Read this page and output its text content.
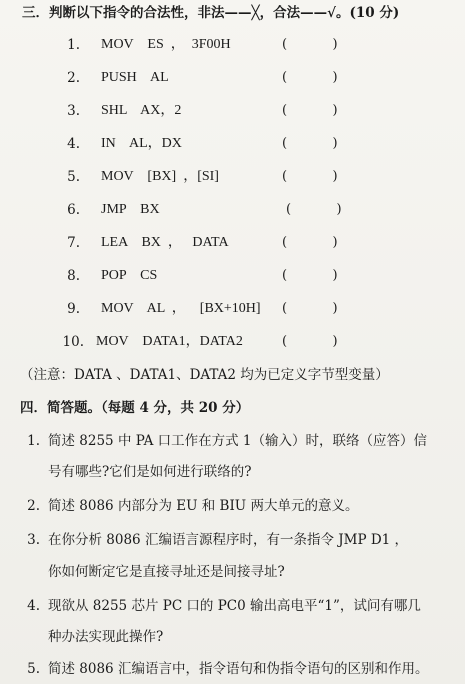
三．判断以下指令的合法性，非法——╳，合法——√。(10 分)
1. MOV    ES  ，  3F00H	(           )
2. PUSH    AL	(           )
3. SHL    AX，2	(           )
4. IN    AL，DX	(           )
5. MOV    [BX]  ，[SI]	(           )
6. JMP    BX	(           )
7. LEA    BX  ，   DATA	(           )
8. POP    CS	(           )
9. MOV    AL  ，    [BX+10H] (           )
10. MOV    DATA1，DATA2	(           )
（注意：DATA 、DATA1、DATA2 均为已定义字节型变量）
四．简答题。（每题 4 分，共 20 分）
1. 简述 8255 中 PA 口工作在方式 1（输入）时，联络（应答）信
号有哪些?它们是如何进行联络的?
2. 简述 8086 内部分为 EU 和 BIU 两大单元的意义。
3. 在你分析 8086 汇编语言源程序时，有一条指令 JMP D1 ，
你如何断定它是直接寻址还是间接寻址?
4. 现欲从 8255 芯片 PC 口的 PC0 输出高电平“1”，试问有哪几
种办法实现此操作?
5. 简述 8086 汇编语言中，指令语句和伪指令语句的区别和作用。
